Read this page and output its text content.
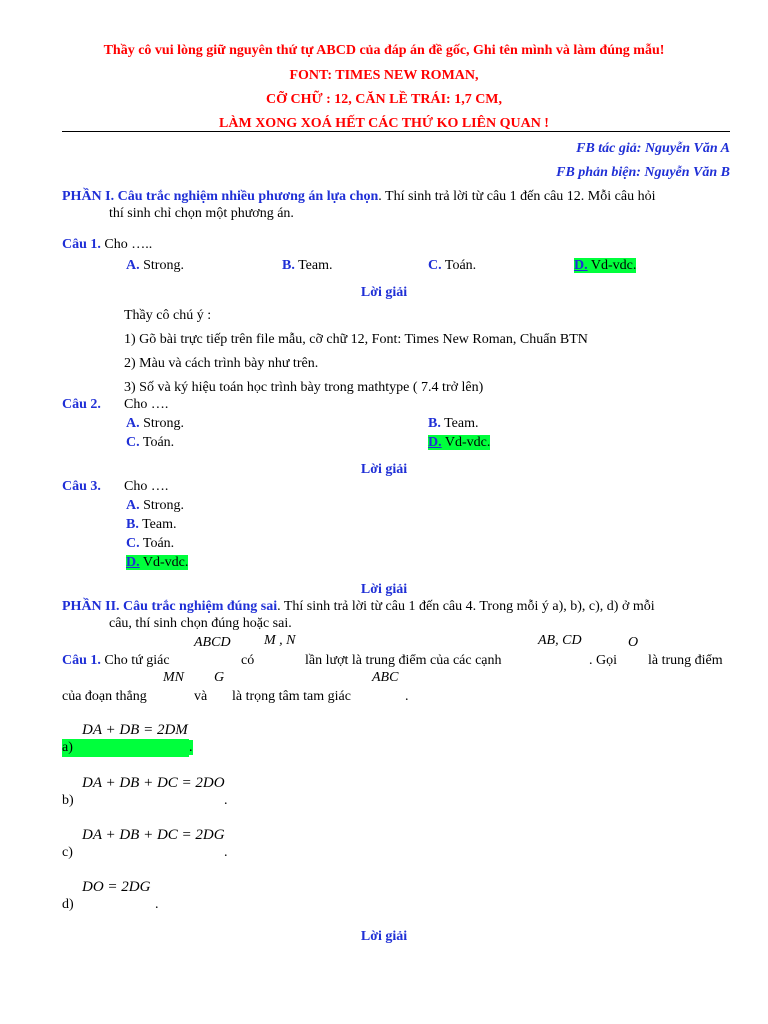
Thầy cô vui lòng giữ nguyên thứ tự ABCD của đáp án đề gốc, Ghi tên mình và làm đúng mẫu!
FONT: TIMES NEW ROMAN,
CỠ CHỮ : 12, CĂN LỀ TRÁI: 1,7 CM,
LÀM XONG XOÁ HẾT CÁC THỨ KO LIÊN QUAN !
FB tác giả: Nguyễn Văn A
FB phản biện: Nguyễn Văn B
PHẦN I. Câu trắc nghiệm nhiều phương án lựa chọn. Thí sinh trả lời từ câu 1 đến câu 12. Mỗi câu hỏi
thí sinh chỉ chọn một phương án.
Câu 1. Cho …..
A. Strong.	B. Team.	C. Toán.	D. Vd-vdc.
Lời giải
Thầy cô chú ý :
1) Gõ bài trực tiếp trên file mẫu, cỡ chữ 12, Font: Times New Roman, Chuẩn BTN
2) Màu và cách trình bày như trên.
3) Số và ký hiệu toán học trình bày trong mathtype ( 7.4 trở lên)
Câu 2. Cho ….
A. Strong.	B. Team.
C. Toán.	D. Vd-vdc.
Lời giải
Câu 3. Cho ….
A. Strong.
B. Team.
C. Toán.
D. Vd-vdc.
Lời giải
PHẦN II. Câu trắc nghiệm đúng sai. Thí sinh trả lời từ câu 1 đến câu 4. Trong mỗi ý a), b), c), d) ở mỗi
câu, thí sinh chọn đúng hoặc sai.
ABCD M , N	AB, CD	O
Câu 1. Cho tứ giác	có	lần lượt là trung điểm của các cạnh	. Gọi là trung điểm
MN G	ABC
của đoạn thẳng	và là trọng tâm tam giác	.
DA + DB = 2DM
a)	.
DA + DB + DC = 2DO
b)	.
DA + DB + DC = 2DG
c)	.
DO = 2DG
d)	.
Lời giải
